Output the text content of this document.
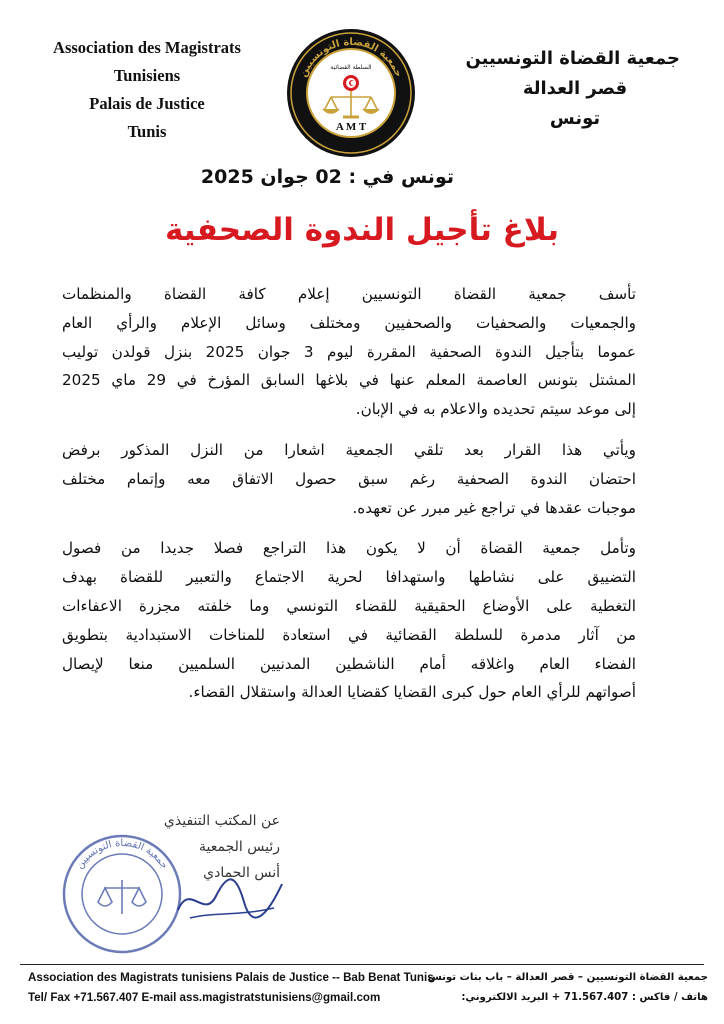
Association des Magistrats
Tunisiens
Palais de Justice
Tunis
جمعية القضاة التونسيين
السلطة القضائية
A M T
جمعية القضاة التونسيين
قصر العدالة
تونس
تونس في : 02 جوان 2025
بلاغ تأجيل الندوة الصحفية

تأسف جمعية القضاة التونسيين إعلام كافة القضاة والمنظمات
والجمعيات والصحفيات والصحفيين ومختلف وسائل الإعلام والرأي العام
عموما بتأجيل الندوة الصحفية المقررة ليوم 3 جوان 2025 بنزل قولدن توليب
المشتل بتونس العاصمة المعلم عنها في بلاغها السابق المؤرخ في 29 ماي 2025
إلى موعد سيتم تحديده والاعلام به في الإبان.

ويأتي هذا القرار بعد تلقي الجمعية اشعارا من النزل المذكور برفض
احتضان الندوة الصحفية رغم سبق حصول الاتفاق معه وإتمام مختلف
موجبات عقدها في تراجع غير مبرر عن تعهده.

وتأمل جمعية القضاة أن لا يكون هذا التراجع فصلا جديدا من فصول
التضييق على نشاطها واستهدافا لحرية الاجتماع والتعبير للقضاة بهدف
التغطية على الأوضاع الحقيقية للقضاء التونسي وما خلفته مجزرة الاعفاءات
من آثار مدمرة للسلطة القضائية في استعادة للمناخات الاستبدادية بتطويق
الفضاء العام واغلاقه أمام الناشطين المدنيين السلميين منعا لإيصال
أصواتهم للرأي العام حول كبرى القضايا كقضايا العدالة واستقلال القضاء.

جمعية القضاة التونسيين
عن المكتب التنفيذي
رئيس الجمعية
أنس الحمادي
Association des Magistrats tunisiens Palais de Justice -- Bab Benat Tunis
Tel/ Fax +71.567.407 E-mail ass.magistratstunisiens@gmail.com
جمعية القضاة التونسيين – قصر العدالة – باب بنات تونس
هاتف / فاكس : 71.567.407 + البريد الالكتروني:
